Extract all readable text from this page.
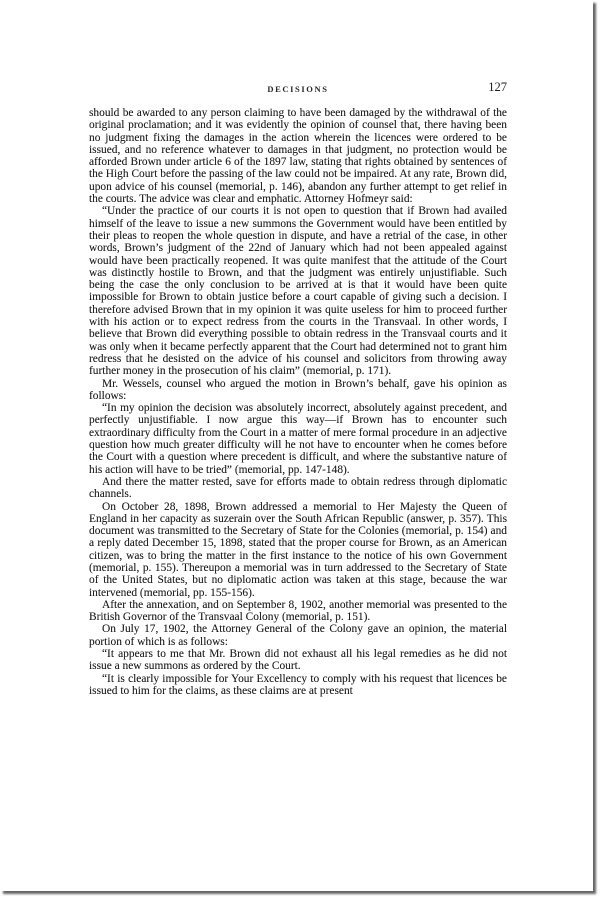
DECISIONS	127

should be awarded to any person claiming to have been damaged by the withdrawal of the original proclamation; and it was evidently the opinion of counsel that, there having been no judgment fixing the damages in the action wherein the licences were ordered to be issued, and no reference whatever to damages in that judgment, no protection would be afforded Brown under article 6 of the 1897 law, stating that rights obtained by sentences of the High Court before the passing of the law could not be impaired. At any rate, Brown did, upon advice of his counsel (memorial, p. 146), abandon any further attempt to get relief in the courts. The advice was clear and emphatic. Attorney Hofmeyr said:

“Under the practice of our courts it is not open to question that if Brown had availed himself of the leave to issue a new summons the Government would have been entitled by their pleas to reopen the whole question in dispute, and have a retrial of the case, in other words, Brown’s judgment of the 22nd of January which had not been appealed against would have been practically reopened. It was quite manifest that the attitude of the Court was distinctly hostile to Brown, and that the judgment was entirely unjustifiable. Such being the case the only conclusion to be arrived at is that it would have been quite impossible for Brown to obtain justice before a court capable of giving such a decision. I therefore advised Brown that in my opinion it was quite useless for him to proceed further with his action or to expect redress from the courts in the Transvaal. In other words, I believe that Brown did everything possible to obtain redress in the Transvaal courts and it was only when it became perfectly apparent that the Court had determined not to grant him redress that he desisted on the advice of his counsel and solicitors from throwing away further money in the prosecution of his claim” (memorial, p. 171).

Mr. Wessels, counsel who argued the motion in Brown’s behalf, gave his opinion as follows:

“In my opinion the decision was absolutely incorrect, absolutely against precedent, and perfectly unjustifiable. I now argue this way—if Brown has to encounter such extraordinary difficulty from the Court in a matter of mere formal procedure in an adjective question how much greater difficulty will he not have to encounter when he comes before the Court with a question where precedent is difficult, and where the substantive nature of his action will have to be tried” (memorial, pp. 147-148).

And there the matter rested, save for efforts made to obtain redress through diplomatic channels.

On October 28, 1898, Brown addressed a memorial to Her Majesty the Queen of England in her capacity as suzerain over the South African Republic (answer, p. 357). This document was transmitted to the Secretary of State for the Colonies (memorial, p. 154) and a reply dated December 15, 1898, stated that the proper course for Brown, as an American citizen, was to bring the matter in the first instance to the notice of his own Government (memorial, p. 155). Thereupon a memorial was in turn addressed to the Secretary of State of the United States, but no diplomatic action was taken at this stage, because the war intervened (memorial, pp. 155-156).

After the annexation, and on September 8, 1902, another memorial was presented to the British Governor of the Transvaal Colony (memorial, p. 151).

On July 17, 1902, the Attorney General of the Colony gave an opinion, the material portion of which is as follows:

“It appears to me that Mr. Brown did not exhaust all his legal remedies as he did not issue a new summons as ordered by the Court.

“It is clearly impossible for Your Excellency to comply with his request that licences be issued to him for the claims, as these claims are at present
